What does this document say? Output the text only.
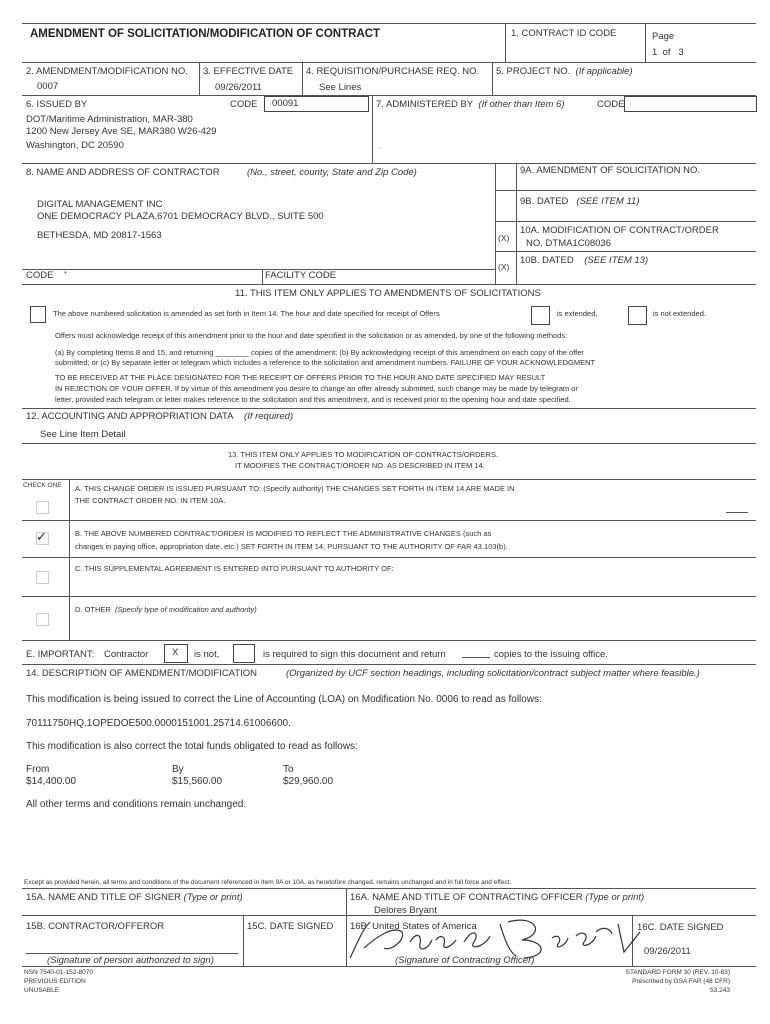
AMENDMENT OF SOLICITATION/MODIFICATION OF CONTRACT	1. CONTRACT ID CODE	Page
1 of 3
2. AMENDMENT/MODIFICATION NO.
0007
3. EFFECTIVE DATE
09/26/2011
4. REQUISITION/PURCHASE REQ. NO.
See Lines
5. PROJECT NO. (If applicable)
6. ISSUED BY	CODE 00091
DOT/Maritime Administration, MAR-380
1200 New Jersey Ave SE, MAR380 W26-429
Washington, DC 20590
7. ADMINISTERED BY (If other than Item 6)	CODE
`
8. NAME AND ADDRESS OF CONTRACTOR	(No., street, county, State and Zip Code)
DIGITAL MANAGEMENT INC
ONE DEMOCRACY PLAZA,6701 DEMOCRACY BLVD., SUITE 500
BETHESDA, MD 20817-1563
CODE *	FACILITY CODE
9A. AMENDMENT OF SOLICITATION NO.
9B. DATED (SEE ITEM 11)
(X)
10A. MODIFICATION OF CONTRACT/ORDER
NO. DTMA1C08036
(X)
10B. DATED (SEE ITEM 13)
11. THIS ITEM ONLY APPLIES TO AMENDMENTS OF SOLICITATIONS
The above numbered solicitation is amended as set forth in Item 14. The hour and date specified for receipt of Offers	is extended,	is not extended.
Offers must acknowledge receipt of this amendment prior to the hour and date specified in the solicitation or as amended, by one of the following methods:
(a) By completing Items 8 and 15, and returning ________ copies of the amendment; (b) By acknowledging receipt of this amendment on each copy of the offer
submitted; or (c) By separate letter or telegram which includes a reference to the solicitation and amendment numbers. FAILURE OF YOUR ACKNOWLEDGMENT
TO BE RECEIVED AT THE PLACE DESIGNATED FOR THE RECEIPT OF OFFERS PRIOR TO THE HOUR AND DATE SPECIFIED MAY RESULT
IN REJECTION OF YOUR OFFER. If by virtue of this amendment you desire to change an offer already submitted, such change may be made by telegram or
letter, provided each telegram or letter makes reference to the solicitation and this amendment, and is received prior to the opening hour and date specified.
12. ACCOUNTING AND APPROPRIATION DATA (If required)
See Line Item Detail
13. THIS ITEM ONLY APPLIES TO MODIFICATION OF CONTRACTS/ORDERS.
IT MODIFIES THE CONTRACT/ORDER NO. AS DESCRIBED IN ITEM 14.
CHECK ONE A. THIS CHANGE ORDER IS ISSUED PURSUANT TO: (Specify authority) THE CHANGES SET FORTH IN ITEM 14 ARE MADE IN
THE CONTRACT ORDER NO. IN ITEM 10A.
✓	B. THE ABOVE NUMBERED CONTRACT/ORDER IS MODIFIED TO REFLECT THE ADMINISTRATIVE CHANGES (such as
changes in paying office, appropriation date, etc.) SET FORTH IN ITEM 14, PURSUANT TO THE AUTHORITY OF FAR 43.103(b).
C. THIS SUPPLEMENTAL AGREEMENT IS ENTERED INTO PURSUANT TO AUTHORITY OF:
D. OTHER (Specify type of modification and authority)
E. IMPORTANT: Contractor X is not,	is required to sign this document and return	copies to the issuing office.
14. DESCRIPTION OF AMENDMENT/MODIFICATION	(Organized by UCF section headings, including solicitation/contract subject matter where feasible.)
This modification is being issued to correct the Line of Accounting (LOA) on Modification No. 0006 to read as follows:
70111750HQ.1OPEDOE500.0000151001.25714.61006600.
This modification is also correct the total funds obligated to read as follows:
From	By	To
$14,400.00	$15,560.00	$29,960.00
All other terms and conditions remain unchanged.
Except as provided herein, all terms and conditions of the document referenced in Item 9A or 10A, as heretofore changed, remains unchanged and in full force and effect.
15A. NAME AND TITLE OF SIGNER (Type or print)	16A. NAME AND TITLE OF CONTRACTING OFFICER (Type or print)
Delores Bryant
15B. CONTRACTOR/OFFEROR	15C. DATE SIGNED 16B. United States of America	16C. DATE SIGNED
09/26/2011
(Signature of person authorized to sign)	(Signature of Contracting Officer)
NSN 7540-01-152-8070
PREVIOUS EDITION
UNUSABLE
STANDARD FORM 30 (REV. 10-83)
Prescribed by GSA FAR (48 CFR)
53.243
